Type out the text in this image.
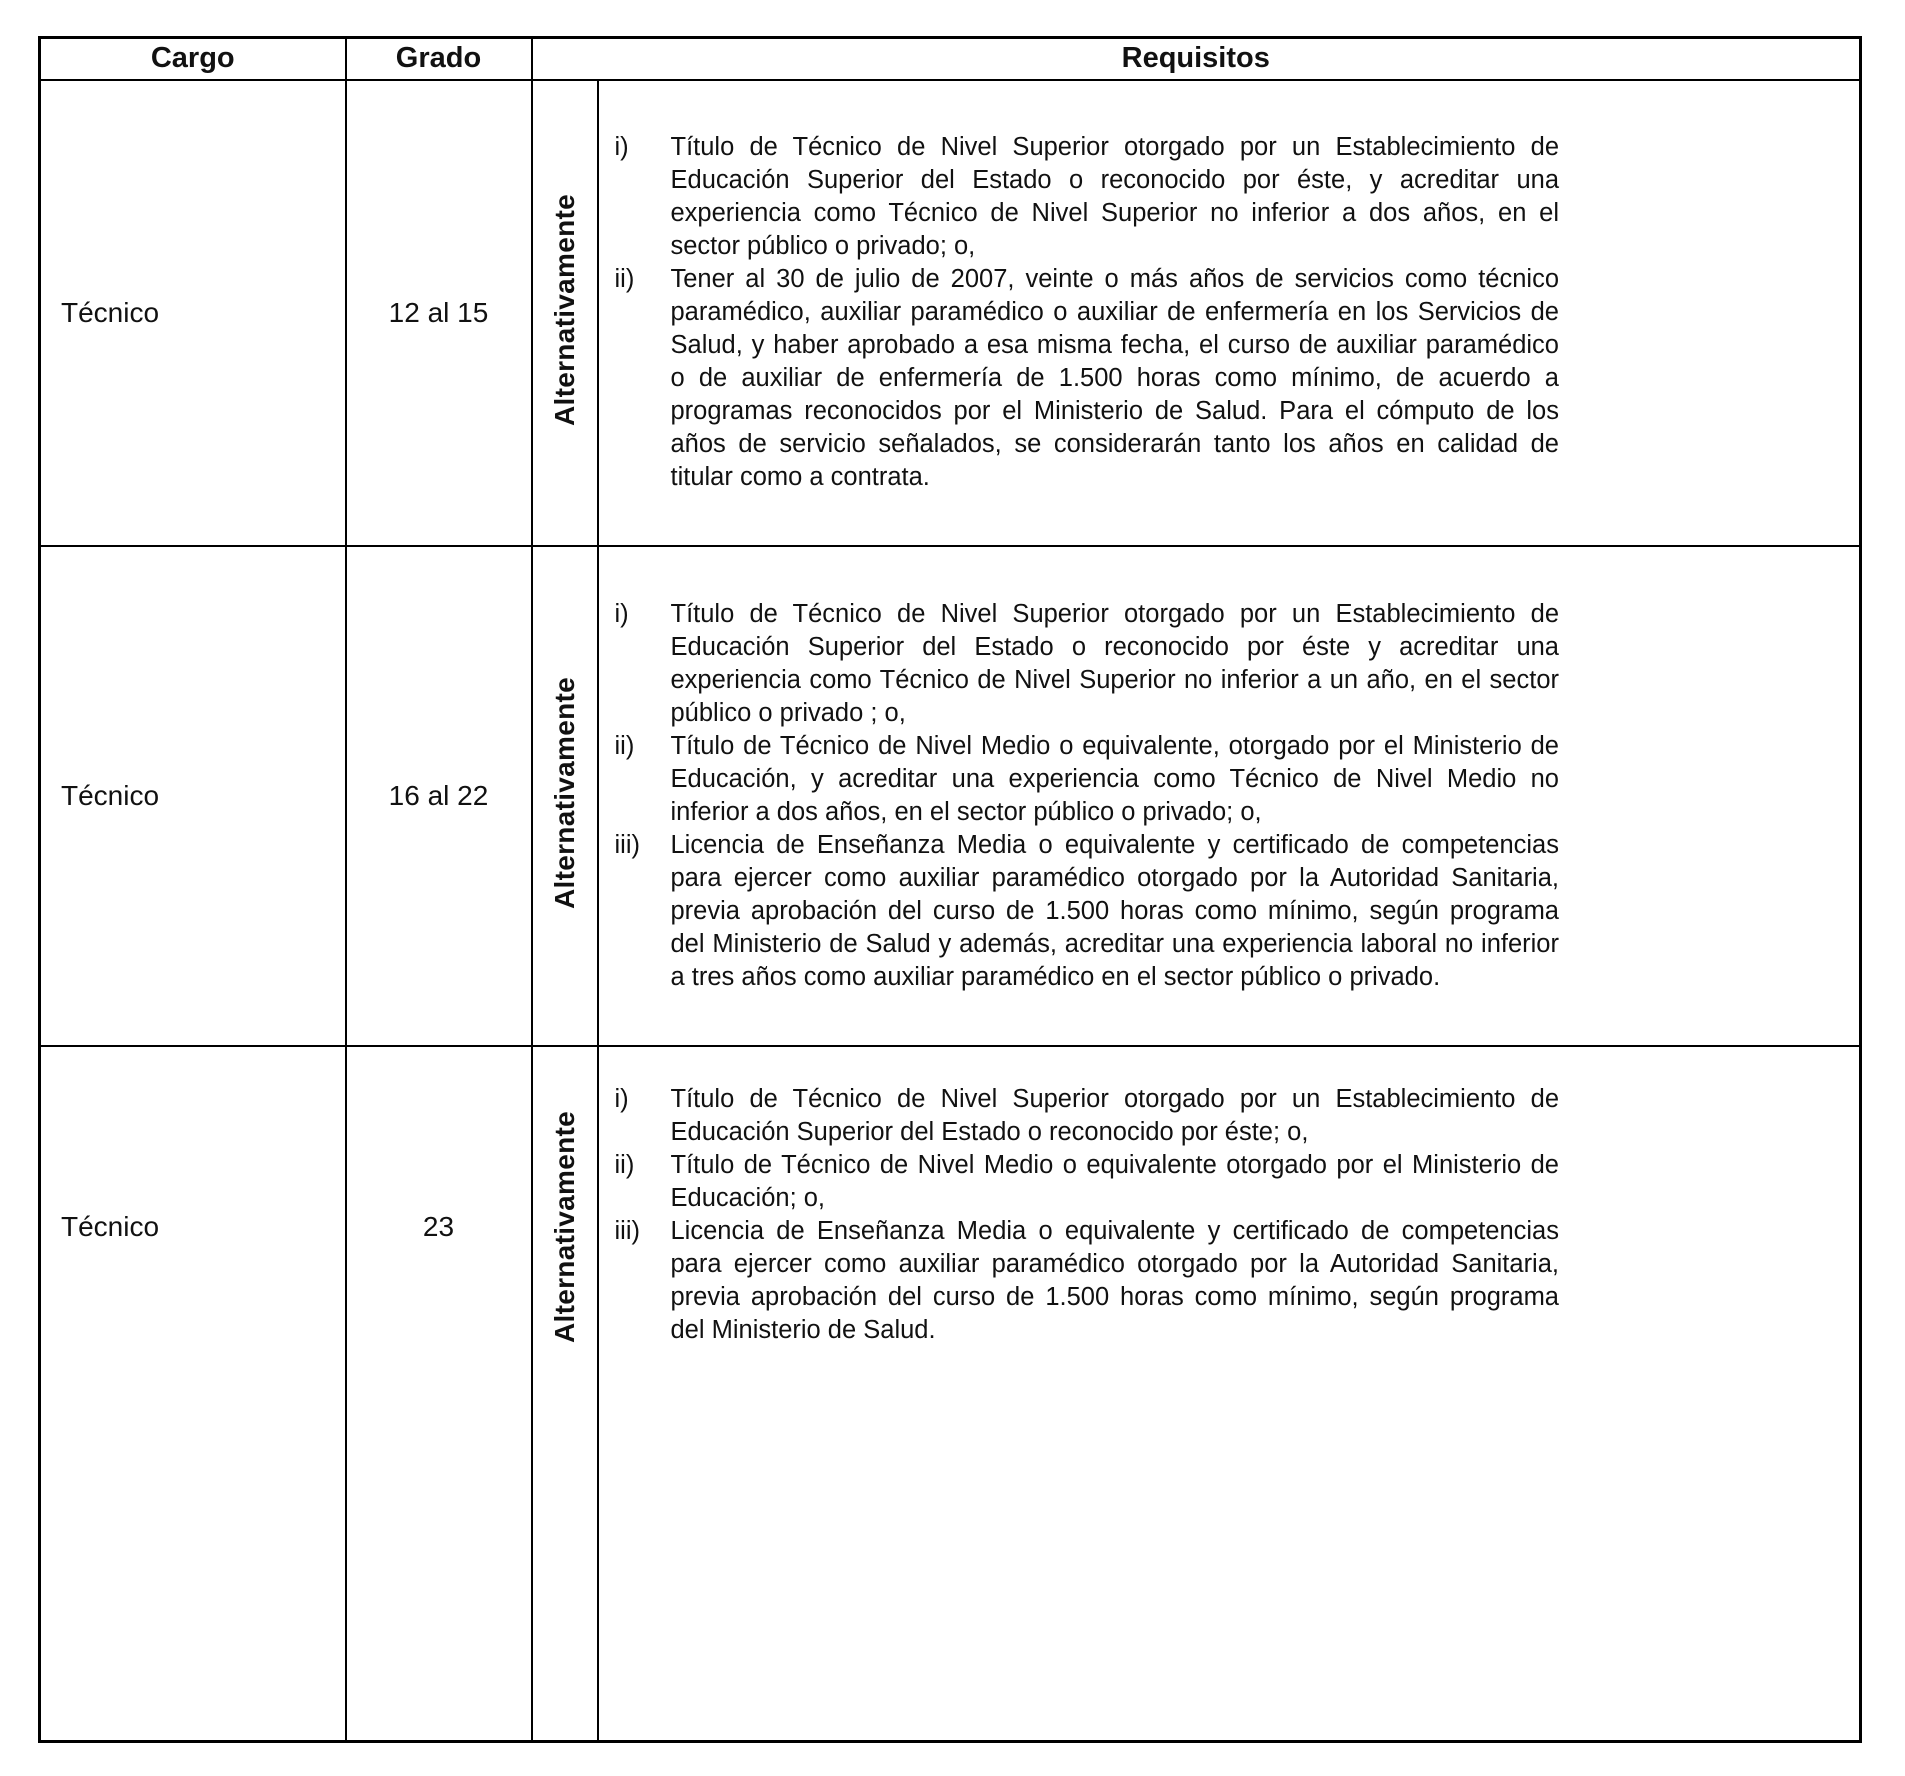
Cargo	Grado	Requisitos	
Técnico	12 al 15	Alternativamente	i) Título de Técnico de Nivel Superior otorgado por un Establecimiento de Educación Superior del Estado o reconocido por éste, y acreditar una experiencia como Técnico de Nivel Superior no inferior a dos años, en el sector público o privado; o,
ii) Tener al 30 de julio de 2007, veinte o más años de servicios como técnico paramédico, auxiliar paramédico o auxiliar de enfermería en los Servicios de Salud, y haber aprobado a esa misma fecha, el curso de auxiliar paramédico o de auxiliar de enfermería de 1.500 horas como mínimo, de acuerdo a programas reconocidos por el Ministerio de Salud. Para el cómputo de los años de servicio señalados, se considerarán tanto los años en calidad de titular como a contrata.

Técnico	16 al 22	Alternativamente	
i)	Título de Técnico de Nivel Superior otorgado por un Establecimiento de Educación Superior del Estado o reconocido por éste y acreditar una experiencia como Técnico de Nivel Superior no inferior a un año, en el sector público o privado ; o,
ii)	Título de Técnico de Nivel Medio o equivalente, otorgado por el Ministerio de Educación, y acreditar una experiencia como Técnico de Nivel Medio no inferior a dos años, en el sector público o privado; o,
iii)	Licencia de Enseñanza Media o equivalente y certificado de competencias para ejercer como auxiliar paramédico otorgado por la Autoridad Sanitaria, previa aprobación del curso de 1.500 horas como mínimo, según programa del Ministerio de Salud y además, acreditar una experiencia laboral no inferior a tres años como auxiliar paramédico en el sector público o privado.

Técnico	23	Alternativamente

i)	Título de Técnico de Nivel Superior otorgado por un Establecimiento de Educación Superior del Estado o reconocido por éste; o,
ii)	Título de Técnico de Nivel Medio o equivalente otorgado por el Ministerio de Educación; o,
iii)	Licencia de Enseñanza Media o equivalente y certificado de competencias para ejercer como auxiliar paramédico otorgado por la Autoridad Sanitaria, previa aprobación del curso de 1.500 horas como mínimo, según programa del Ministerio de Salud.
